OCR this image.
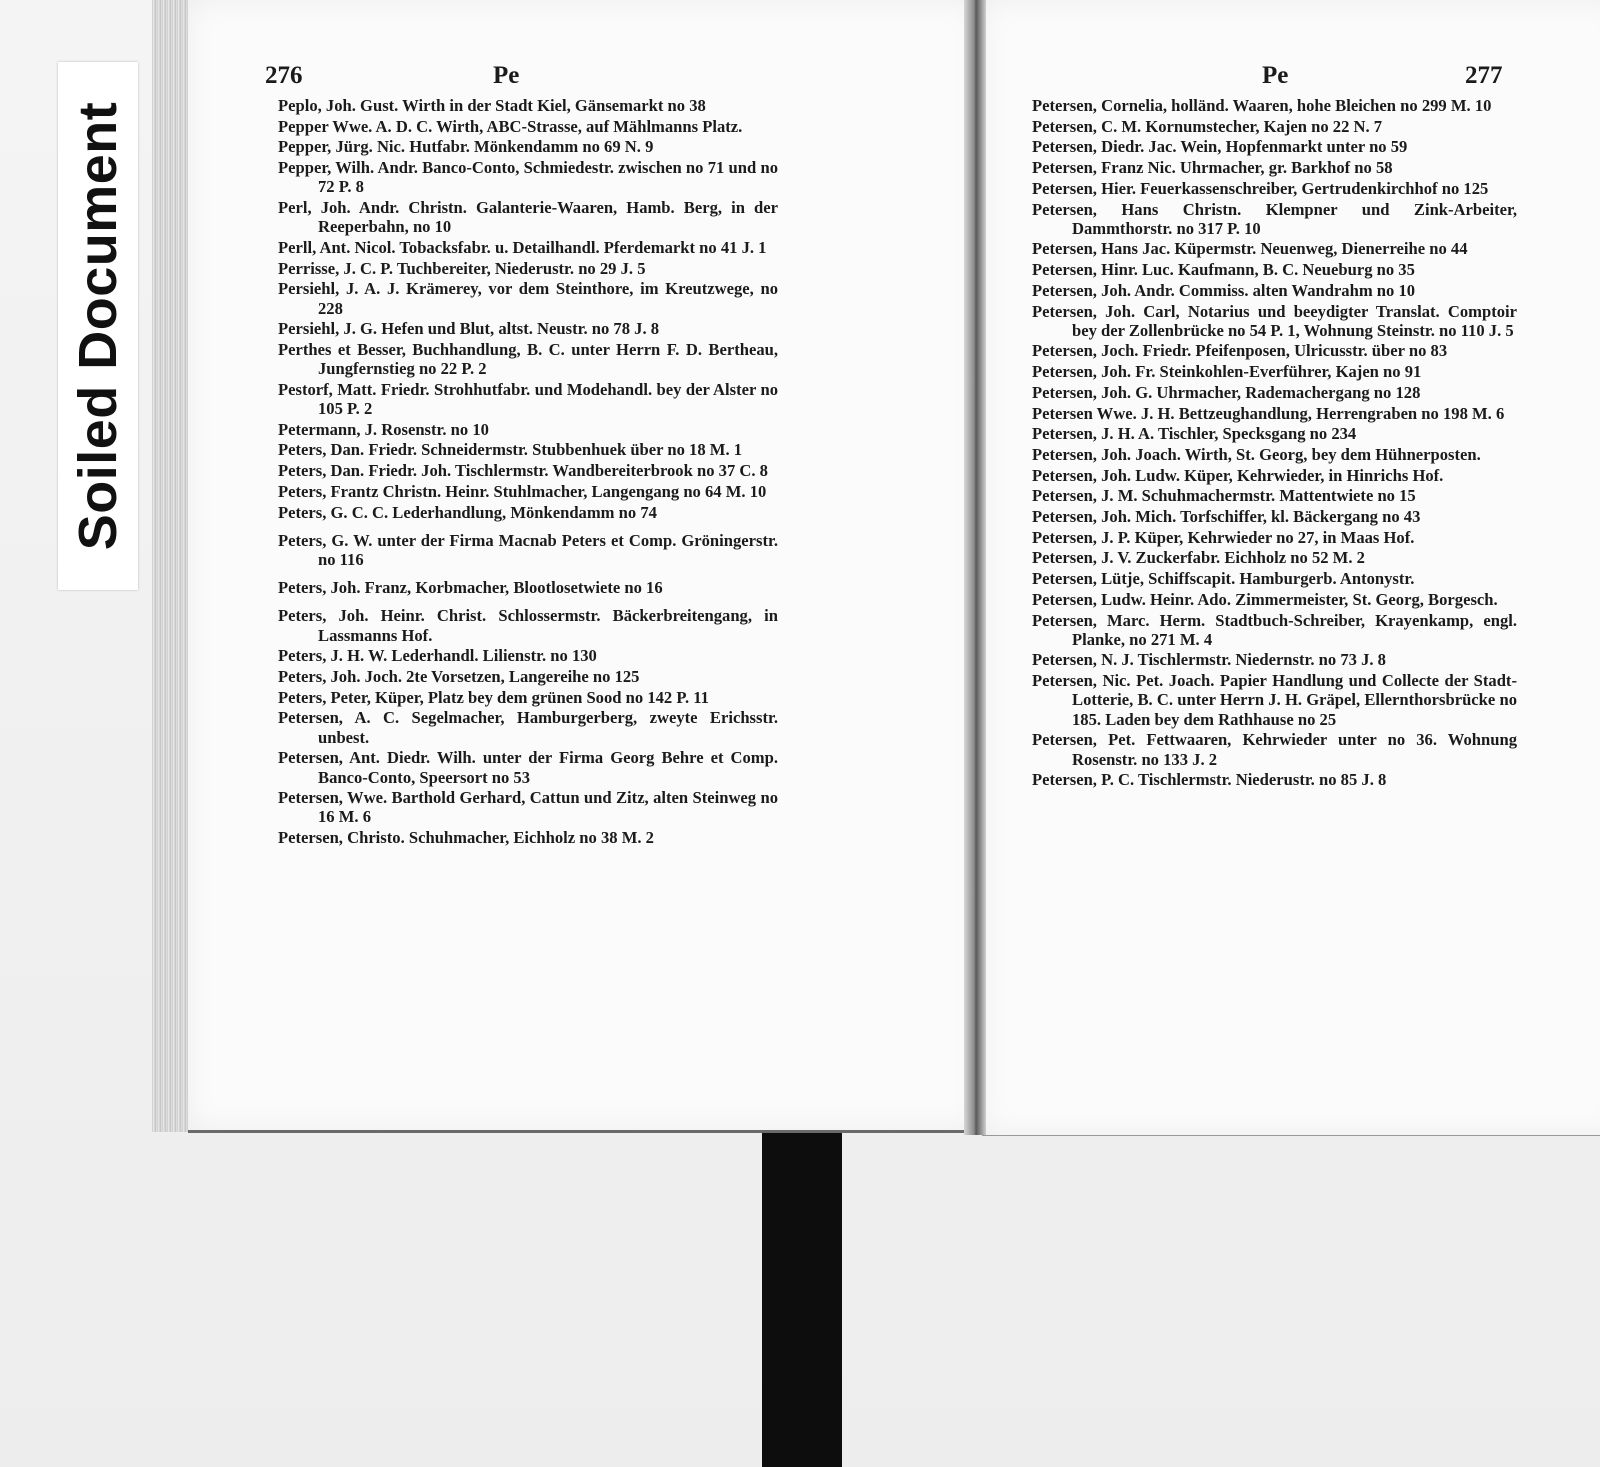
Soiled Document
276	Pe
Peplo, Joh. Gust. Wirth in der Stadt Kiel, Gänsemarkt no 38
Pepper Wwe. A. D. C. Wirth, ABC-Strasse, auf Mählmanns Platz.
Pepper, Jürg. Nic. Hutfabr. Mönkendamm no 69 N. 9
Pepper, Wilh. Andr. Banco-Conto, Schmiedestr. zwischen no 71 und no 72 P. 8
Perl, Joh. Andr. Christn. Galanterie-Waaren, Hamb. Berg, in der Reeperbahn, no 10
Perll, Ant. Nicol. Tobacksfabr. u. Detailhandl. Pferdemarkt no 41 J. 1
Perrisse, J. C. P. Tuchbereiter, Niederustr. no 29 J. 5
Persiehl, J. A. J. Krämerey, vor dem Steinthore, im Kreutzwege, no 228
Persiehl, J. G. Hefen und Blut, altst. Neustr. no 78 J. 8
Perthes et Besser, Buchhandlung, B. C. unter Herrn F. D. Bertheau, Jungfernstieg no 22 P. 2
Pestorf, Matt. Friedr. Strohhutfabr. und Modehandl. bey der Alster no 105 P. 2
Petermann, J. Rosenstr. no 10
Peters, Dan. Friedr. Schneidermstr. Stubbenhuek über no 18 M. 1
Peters, Dan. Friedr. Joh. Tischlermstr. Wandbereiterbrook no 37 C. 8
Peters, Frantz Christn. Heinr. Stuhlmacher, Langengang no 64 M. 10
Peters, G. C. C. Lederhandlung, Mönkendamm no 74
Peters, G. W. unter der Firma Macnab Peters et Comp. Gröningerstr. no 116
Peters, Joh. Franz, Korbmacher, Blootlosetwiete no 16
Peters, Joh. Heinr. Christ. Schlossermstr. Bäckerbreitengang, in Lassmanns Hof.
Peters, J. H. W. Lederhandl. Lilienstr. no 130
Peters, Joh. Joch. 2te Vorsetzen, Langereihe no 125
Peters, Peter, Küper, Platz bey dem grünen Sood no 142 P. 11
Petersen, A. C. Segelmacher, Hamburgerberg, zweyte Erichsstr. unbest.
Petersen, Ant. Diedr. Wilh. unter der Firma Georg Behre et Comp. Banco-Conto, Speersort no 53
Petersen, Wwe. Barthold Gerhard, Cattun und Zitz, alten Steinweg no 16 M. 6
Petersen, Christo. Schuhmacher, Eichholz no 38 M. 2
Pe	277
Petersen, Cornelia, holländ. Waaren, hohe Bleichen no 299 M. 10
Petersen, C. M. Kornumstecher, Kajen no 22 N. 7
Petersen, Diedr. Jac. Wein, Hopfenmarkt unter no 59
Petersen, Franz Nic. Uhrmacher, gr. Barkhof no 58
Petersen, Hier. Feuerkassenschreiber, Gertrudenkirchhof no 125
Petersen, Hans Christn. Klempner und Zink-Arbeiter, Dammthorstr. no 317 P. 10
Petersen, Hans Jac. Küpermstr. Neuenweg, Dienerreihe no 44
Petersen, Hinr. Luc. Kaufmann, B. C. Neueburg no 35
Petersen, Joh. Andr. Commiss. alten Wandrahm no 10
Petersen, Joh. Carl, Notarius und beeydigter Translat. Comptoir bey der Zollenbrücke no 54 P. 1, Wohnung Steinstr. no 110 J. 5
Petersen, Joch. Friedr. Pfeifenposen, Ulricusstr. über no 83
Petersen, Joh. Fr. Steinkohlen-Everführer, Kajen no 91
Petersen, Joh. G. Uhrmacher, Rademachergang no 128
Petersen Wwe. J. H. Bettzeughandlung, Herrengraben no 198 M. 6
Petersen, J. H. A. Tischler, Specksgang no 234
Petersen, Joh. Joach. Wirth, St. Georg, bey dem Hühnerposten.
Petersen, Joh. Ludw. Küper, Kehrwieder, in Hinrichs Hof.
Petersen, J. M. Schuhmachermstr. Mattentwiete no 15
Petersen, Joh. Mich. Torfschiffer, kl. Bäckergang no 43
Petersen, J. P. Küper, Kehrwieder no 27, in Maas Hof.
Petersen, J. V. Zuckerfabr. Eichholz no 52 M. 2
Petersen, Lütje, Schiffscapit. Hamburgerb. Antonystr.
Petersen, Ludw. Heinr. Ado. Zimmermeister, St. Georg, Borgesch.
Petersen, Marc. Herm. Stadtbuch-Schreiber, Krayenkamp, engl. Planke, no 271 M. 4
Petersen, N. J. Tischlermstr. Niedernstr. no 73 J. 8
Petersen, Nic. Pet. Joach. Papier Handlung und Collecte der Stadt-Lotterie, B. C. unter Herrn J. H. Gräpel, Ellernthorsbrücke no 185. Laden bey dem Rathhause no 25
Petersen, Pet. Fettwaaren, Kehrwieder unter no 36. Wohnung Rosenstr. no 133 J. 2
Petersen, P. C. Tischlermstr. Niederustr. no 85 J. 8
